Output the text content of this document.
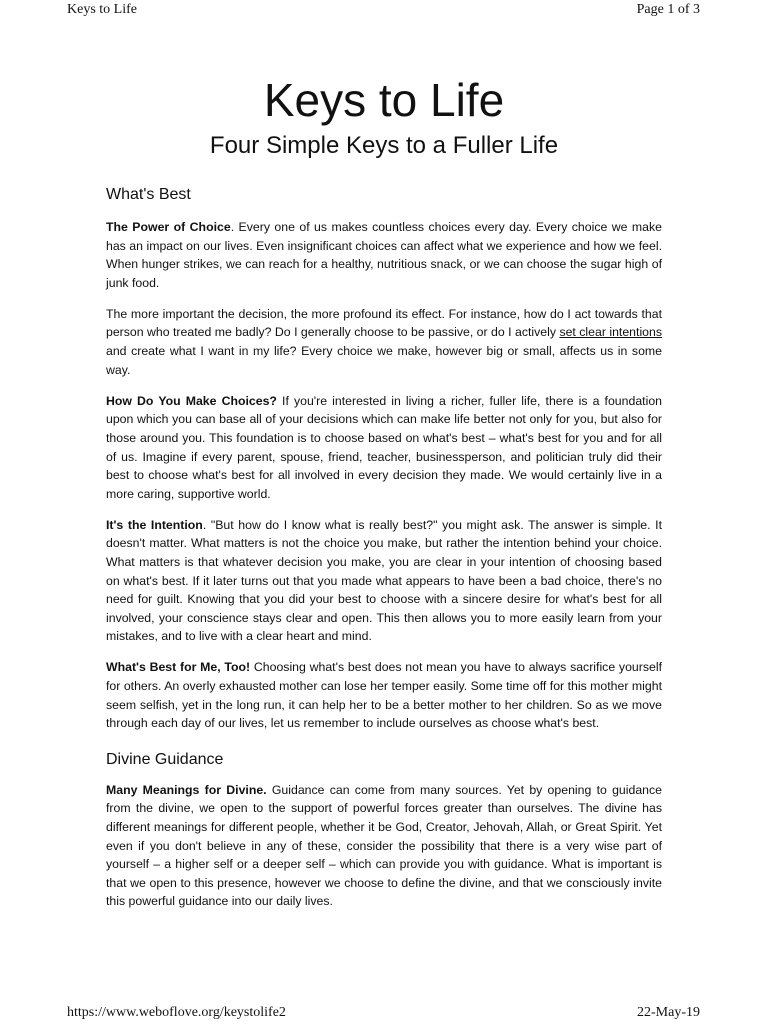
Keys to Life	Page 1 of 3
Keys to Life
Four Simple Keys to a Fuller Life
What's Best

The Power of Choice. Every one of us makes countless choices every day. Every choice we make has an impact on our lives. Even insignificant choices can affect what we experience and how we feel. When hunger strikes, we can reach for a healthy, nutritious snack, or we can choose the sugar high of junk food.

The more important the decision, the more profound its effect. For instance, how do I act towards that person who treated me badly? Do I generally choose to be passive, or do I actively set clear intentions and create what I want in my life? Every choice we make, however big or small, affects us in some way.

How Do You Make Choices? If you're interested in living a richer, fuller life, there is a foundation upon which you can base all of your decisions which can make life better not only for you, but also for those around you. This foundation is to choose based on what's best – what's best for you and for all of us. Imagine if every parent, spouse, friend, teacher, businessperson, and politician truly did their best to choose what's best for all involved in every decision they made. We would certainly live in a more caring, supportive world.

It's the Intention. "But how do I know what is really best?" you might ask. The answer is simple. It doesn't matter. What matters is not the choice you make, but rather the intention behind your choice. What matters is that whatever decision you make, you are clear in your intention of choosing based on what's best. If it later turns out that you made what appears to have been a bad choice, there's no need for guilt. Knowing that you did your best to choose with a sincere desire for what's best for all involved, your conscience stays clear and open. This then allows you to more easily learn from your mistakes, and to live with a clear heart and mind.

What's Best for Me, Too! Choosing what's best does not mean you have to always sacrifice yourself for others. An overly exhausted mother can lose her temper easily. Some time off for this mother might seem selfish, yet in the long run, it can help her to be a better mother to her children. So as we move through each day of our lives, let us remember to include ourselves as choose what's best.

Divine Guidance

Many Meanings for Divine. Guidance can come from many sources. Yet by opening to guidance from the divine, we open to the support of powerful forces greater than ourselves. The divine has different meanings for different people, whether it be God, Creator, Jehovah, Allah, or Great Spirit. Yet even if you don't believe in any of these, consider the possibility that there is a very wise part of yourself – a higher self or a deeper self – which can provide you with guidance. What is important is that we open to this presence, however we choose to define the divine, and that we consciously invite this powerful guidance into our daily lives.

https://www.weboflove.org/keystolife2	22-May-19
